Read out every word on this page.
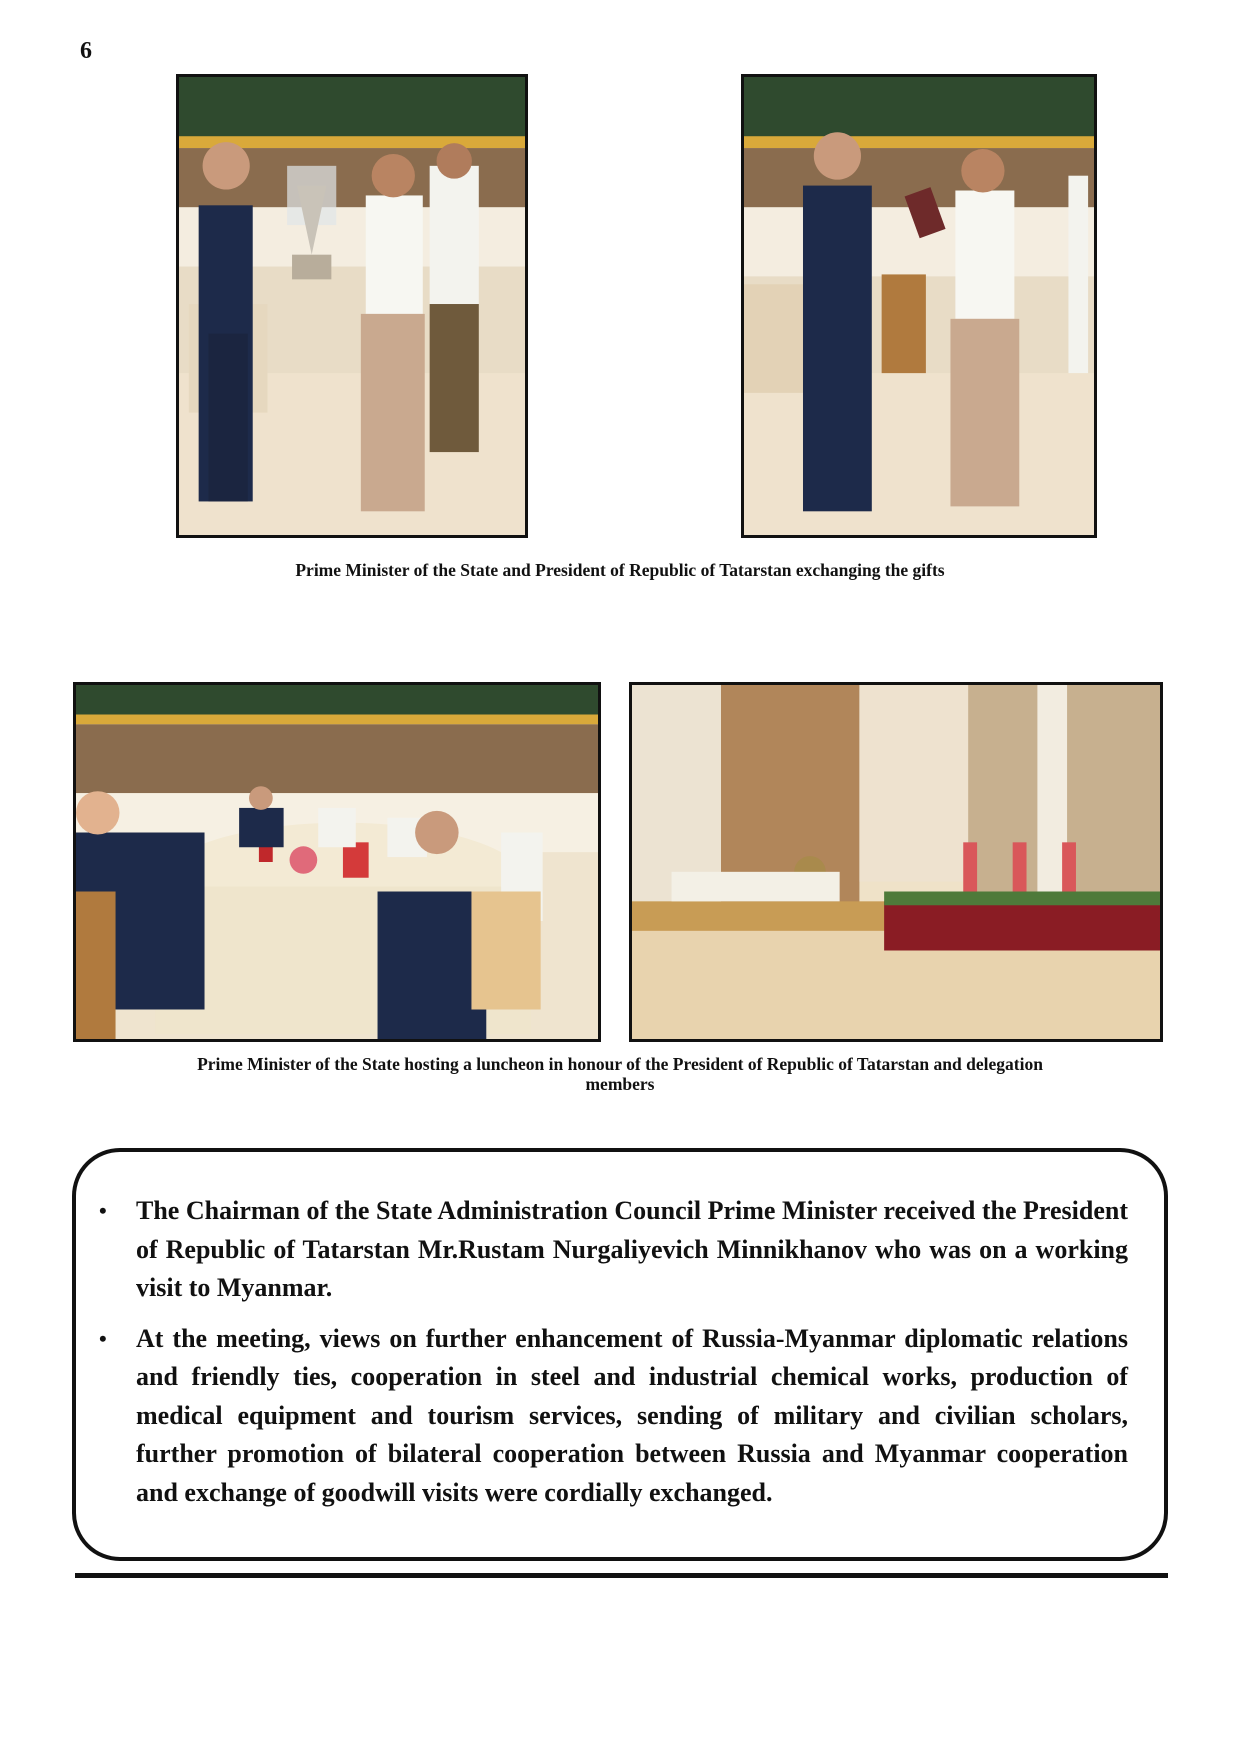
6
Prime Minister of the State and President of Republic of Tatarstan exchanging the gifts
Prime Minister of the State hosting a luncheon in honour of the President of Republic of Tatarstan and delegation
members
• The Chairman of the State Administration Council Prime Minister received the President of Republic of Tatarstan Mr.Rustam Nurgaliyevich Minnikhanov who was on a working visit to Myanmar.
• At the meeting, views on further enhancement of Russia-Myanmar diplomatic relations and friendly ties, cooperation in steel and industrial chemical works, production of medical equipment and tourism services, sending of military and civilian scholars, further promotion of bilateral cooperation between Russia and Myanmar cooperation and exchange of goodwill visits were cordially exchanged.
